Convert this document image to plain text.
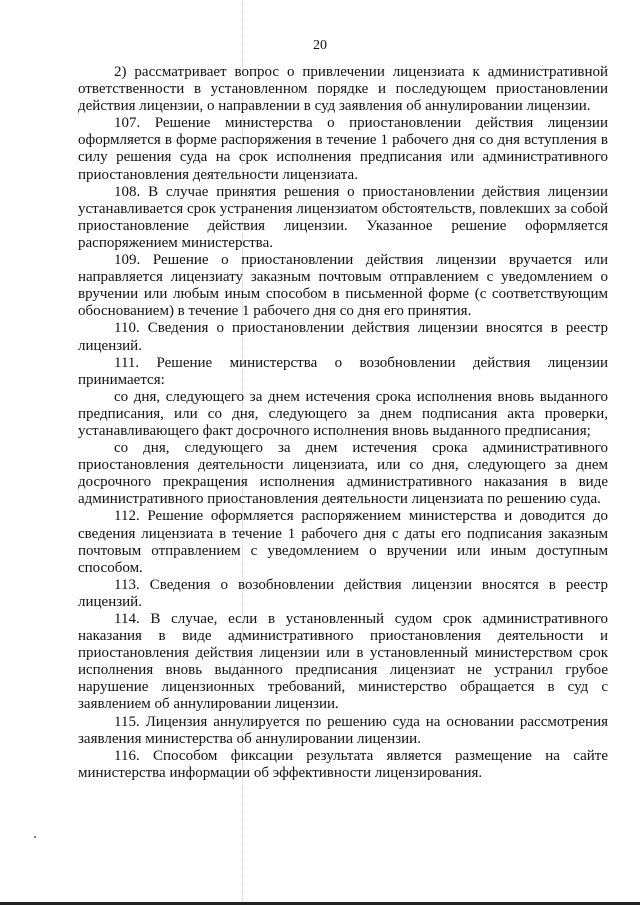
20

2) рассматривает вопрос о привлечении лицензиата к административной ответственности в установленном порядке и последующем приостановлении действия лицензии, о направлении в суд заявления об аннулировании лицензии.

107. Решение министерства о приостановлении действия лицензии оформляется в форме распоряжения в течение 1 рабочего дня со дня вступления в силу решения суда на срок исполнения предписания или административного приостановления деятельности лицензиата.

108. В случае принятия решения о приостановлении действия лицензии устанавливается срок устранения лицензиатом обстоятельств, повлекших за собой приостановление действия лицензии. Указанное решение оформляется распоряжением министерства.

109. Решение о приостановлении действия лицензии вручается или направляется лицензиату заказным почтовым отправлением с уведомлением о вручении или любым иным способом в письменной форме (с соответствующим обоснованием) в течение 1 рабочего дня со дня его принятия.

110. Сведения о приостановлении действия лицензии вносятся в реестр лицензий.

111. Решение министерства о возобновлении действия лицензии принимается:

со дня, следующего за днем истечения срока исполнения вновь выданного предписания, или со дня, следующего за днем подписания акта проверки, устанавливающего факт досрочного исполнения вновь выданного предписания;

со дня, следующего за днем истечения срока административного приостановления деятельности лицензиата, или со дня, следующего за днем досрочного прекращения исполнения административного наказания в виде административного приостановления деятельности лицензиата по решению суда.

112. Решение оформляется распоряжением министерства и доводится до сведения лицензиата в течение 1 рабочего дня с даты его подписания заказным почтовым отправлением с уведомлением о вручении или иным доступным способом.

113. Сведения о возобновлении действия лицензии вносятся в реестр лицензий.

114. В случае, если в установленный судом срок административного наказания в виде административного приостановления деятельности и приостановления действия лицензии или в установленный министерством срок исполнения вновь выданного предписания лицензиат не устранил грубое нарушение лицензионных требований, министерство обращается в суд с заявлением об аннулировании лицензии.

115. Лицензия аннулируется по решению суда на основании рассмотрения заявления министерства об аннулировании лицензии.

116. Способом фиксации результата является размещение на сайте министерства информации об эффективности лицензирования.
